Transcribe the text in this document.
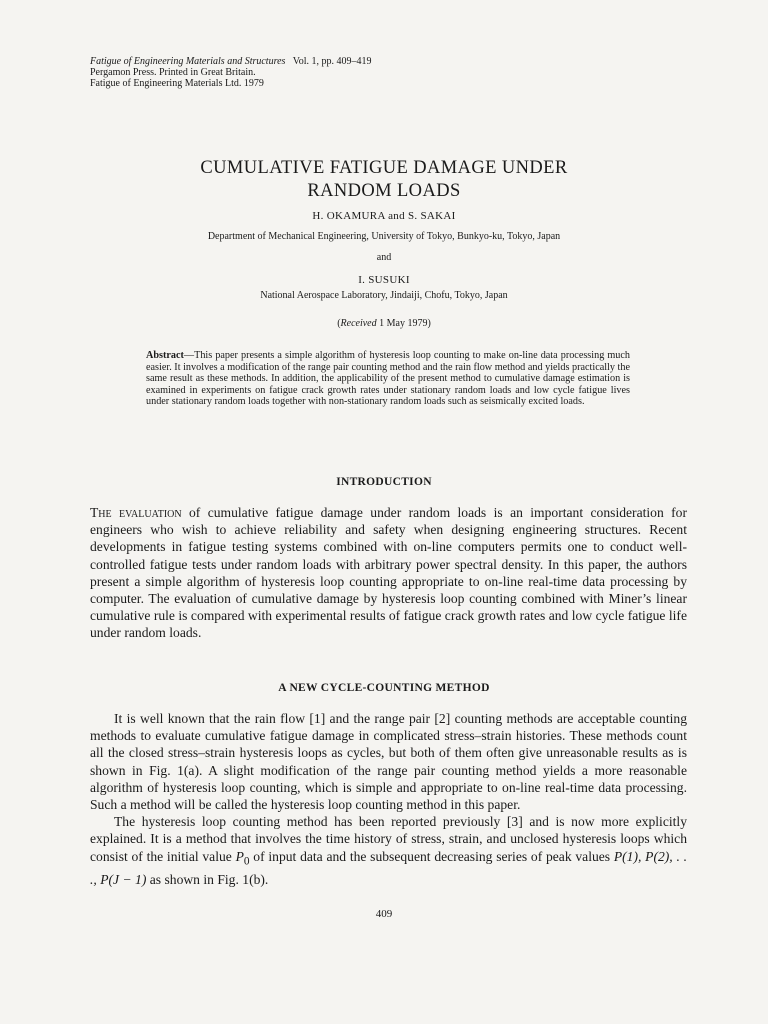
Fatigue of Engineering Materials and Structures Vol. 1, pp. 409–419
Pergamon Press. Printed in Great Britain.
Fatigue of Engineering Materials Ltd. 1979
CUMULATIVE FATIGUE DAMAGE UNDER
RANDOM LOADS
H. OKAMURA and S. SAKAI
Department of Mechanical Engineering, University of Tokyo, Bunkyo-ku, Tokyo, Japan
and
I. SUSUKI
National Aerospace Laboratory, Jindaiji, Chofu, Tokyo, Japan
(Received 1 May 1979)
Abstract—This paper presents a simple algorithm of hysteresis loop counting to make on-line data processing much easier. It involves a modification of the range pair counting method and the rain flow method and yields practically the same result as these methods. In addition, the applicability of the present method to cumulative damage estimation is examined in experiments on fatigue crack growth rates under stationary random loads and low cycle fatigue lives under stationary random loads together with non-stationary random loads such as seismically excited loads.
INTRODUCTION
The evaluation of cumulative fatigue damage under random loads is an important consideration for engineers who wish to achieve reliability and safety when designing engineering structures. Recent developments in fatigue testing systems combined with on-line computers permits one to conduct well-controlled fatigue tests under random loads with arbitrary power spectral density. In this paper, the authors present a simple algorithm of hysteresis loop counting appropriate to on-line real-time data processing by computer. The evaluation of cumulative damage by hysteresis loop counting combined with Miner’s linear cumulative rule is compared with experimental results of fatigue crack growth rates and low cycle fatigue life under random loads.
A NEW CYCLE-COUNTING METHOD

It is well known that the rain flow [1] and the range pair [2] counting methods are acceptable counting methods to evaluate cumulative fatigue damage in complicated stress–strain histories. These methods count all the closed stress–strain hysteresis loops as cycles, but both of them often give unreasonable results as is shown in Fig. 1(a). A slight modification of the range pair counting method yields a more reasonable algorithm of hysteresis loop counting, which is simple and appropriate to on-line real-time data processing. Such a method will be called the hysteresis loop counting method in this paper.

The hysteresis loop counting method has been reported previously [3] and is now more explicitly explained. It is a method that involves the time history of stress, strain, and unclosed hysteresis loops which consist of the initial value $P_0$ of input data and the subsequent decreasing series of peak values P(1), P(2), . . ., P(J − 1) as shown in Fig. 1(b).

409
